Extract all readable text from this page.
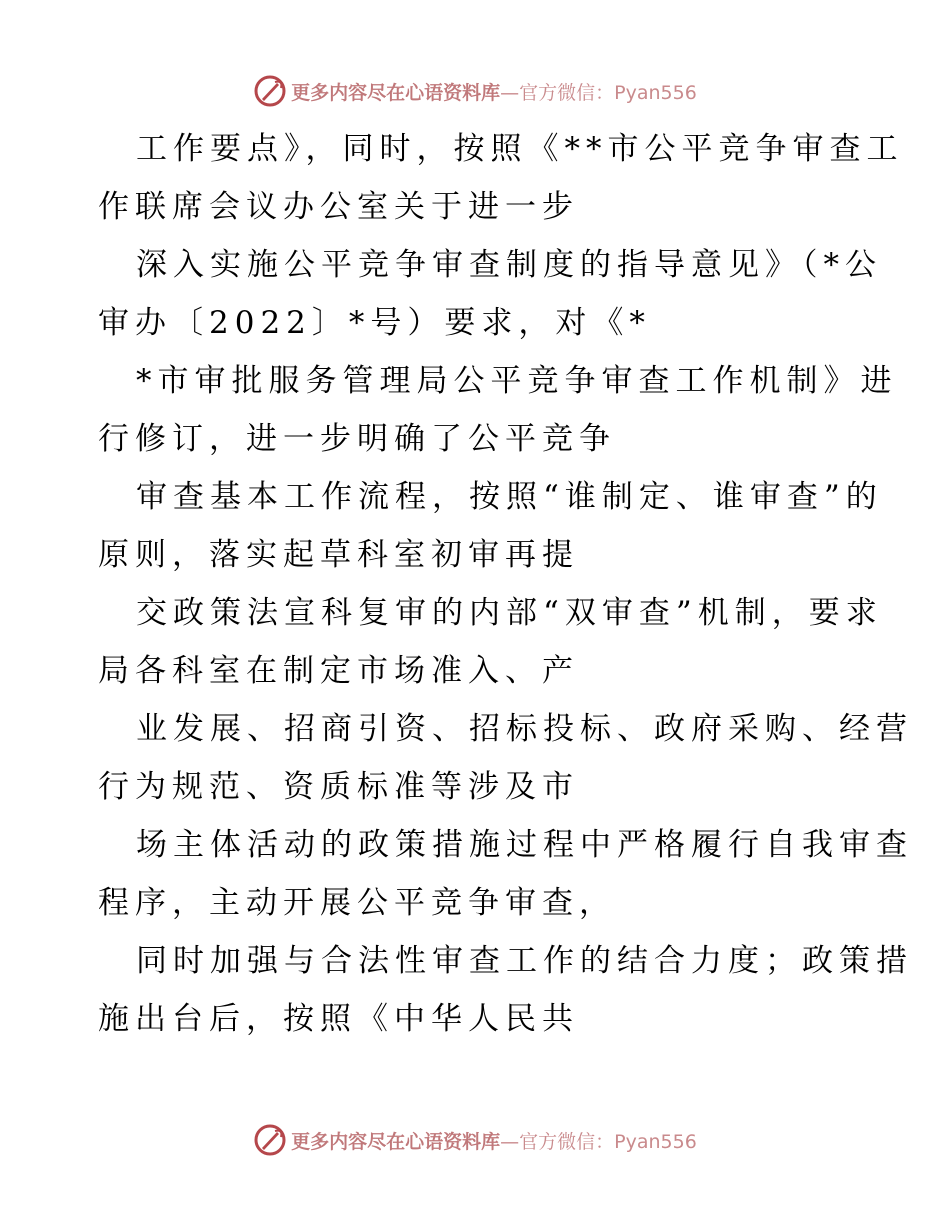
更多内容尽在心语资料库—官方微信：Pyan556
工作要点》，同时，按照《**市公平竞争审查工
作联席会议办公室关于进一步
深入实施公平竞争审查制度的指导意见》（*公
审办〔2022〕*号）要求，对《*
*市审批服务管理局公平竞争审查工作机制》进
行修订，进一步明确了公平竞争
审查基本工作流程，按照“谁制定、谁审查”的
原则，落实起草科室初审再提
交政策法宣科复审的内部“双审查”机制，要求
局各科室在制定市场准入、产
业发展、招商引资、招标投标、政府采购、经营
行为规范、资质标准等涉及市
场主体活动的政策措施过程中严格履行自我审查
程序，主动开展公平竞争审查，
同时加强与合法性审查工作的结合力度；政策措
施出台后，按照《中华人民共
更多内容尽在心语资料库—官方微信：Pyan556
